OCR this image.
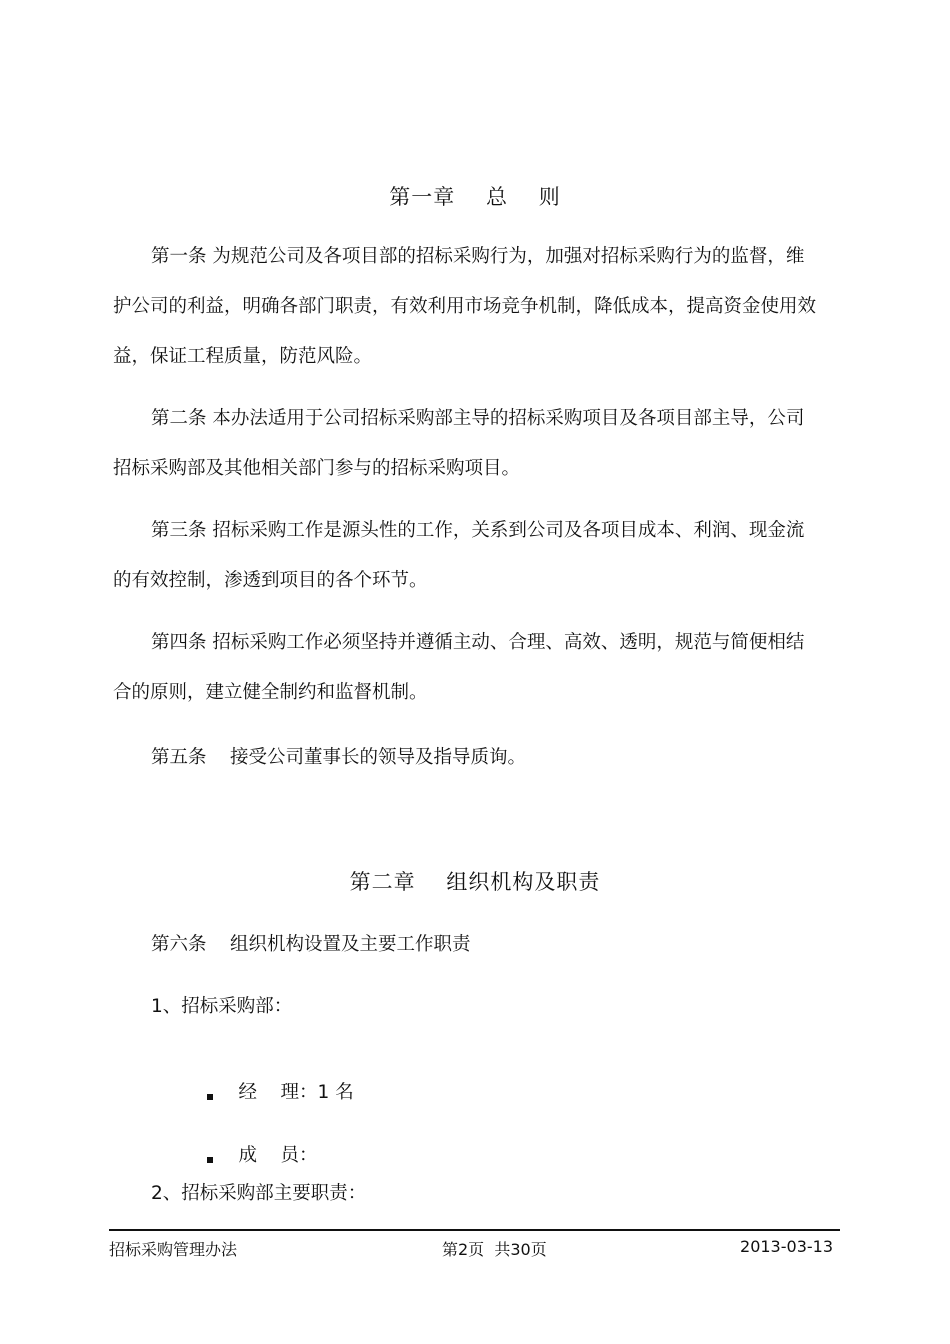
第一章    总    则
第一条 为规范公司及各项目部的招标采购行为，加强对招标采购行为的监督，维
护公司的利益，明确各部门职责，有效利用市场竞争机制，降低成本，提高资金使用效
益，保证工程质量，防范风险。
第二条 本办法适用于公司招标采购部主导的招标采购项目及各项目部主导，公司
招标采购部及其他相关部门参与的招标采购项目。
第三条 招标采购工作是源头性的工作，关系到公司及各项目成本、利润、现金流
的有效控制，渗透到项目的各个环节。
第四条 招标采购工作必须坚持并遵循主动、合理、高效、透明，规范与简便相结
合的原则，建立健全制约和监督机制。
第五条    接受公司董事长的领导及指导质询。
第二章    组织机构及职责
第六条    组织机构设置及主要工作职责
1、招标采购部：

经    理：1 名

成    员：

2、招标采购部主要职责：
招标采购管理办法	第2页  共30页	2013-03-13
